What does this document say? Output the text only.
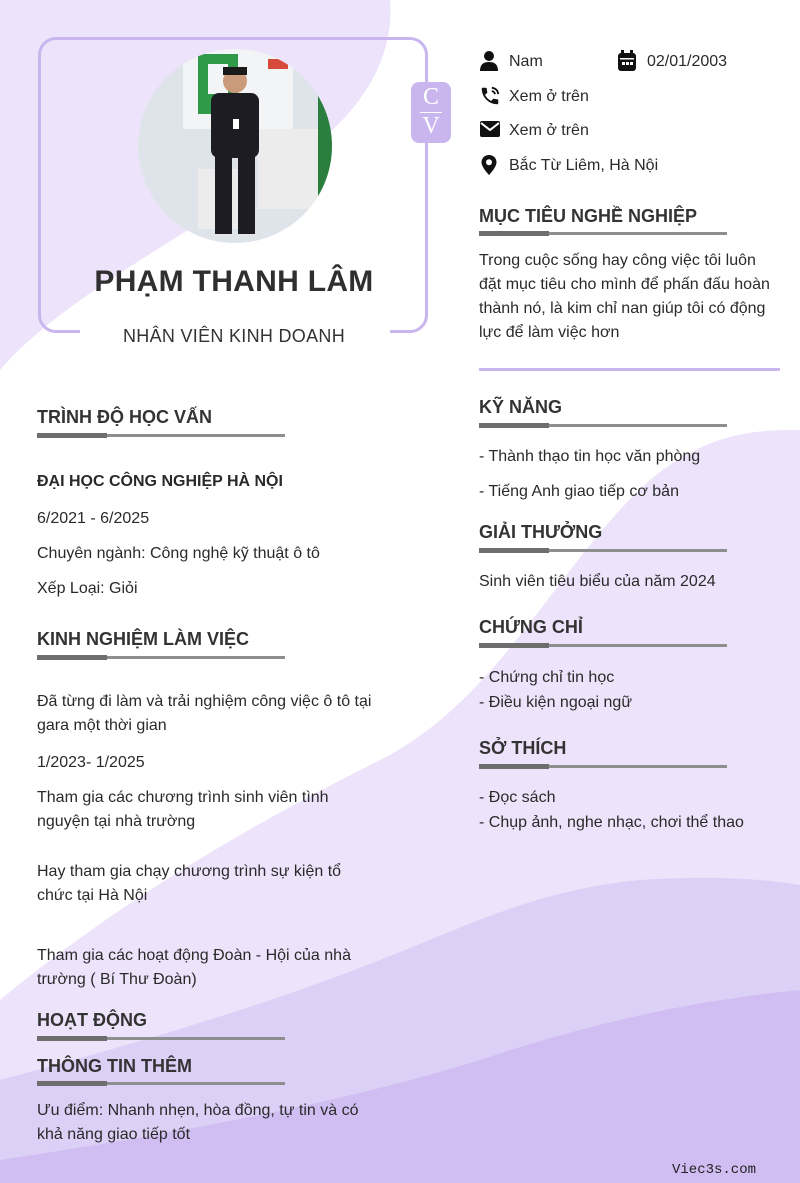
PHẠM THANH LÂM
NHÂN VIÊN KINH DOANH
C
V
Nam	02/01/2003
Xem ở trên
Xem ở trên
Bắc Từ Liêm, Hà Nội
TRÌNH ĐỘ HỌC VẤN
ĐẠI HỌC CÔNG NGHIỆP HÀ NỘI
6/2021 - 6/2025
Chuyên ngành: Công nghệ kỹ thuật ô tô
Xếp Loại: Giỏi
KINH NGHIỆM LÀM VIỆC
Đã từng đi làm và trải nghiệm công việc ô tô tại gara một thời gian
1/2023- 1/2025
Tham gia các chương trình sinh viên tình nguyện tại nhà trường
Hay tham gia chạy chương trình sự kiện tổ chức tại Hà Nội
Tham gia các hoạt động Đoàn - Hội của nhà trường ( Bí Thư Đoàn)
HOẠT ĐỘNG
THÔNG TIN THÊM
Ưu điểm: Nhanh nhẹn, hòa đồng, tự tin và có khả năng giao tiếp tốt
MỤC TIÊU NGHỀ NGHIỆP
Trong cuộc sống hay công việc tôi luôn đặt mục tiêu cho mình để phấn đấu hoàn thành nó, là kim chỉ nan giúp tôi có động lực để làm việc hơn
KỸ NĂNG
- Thành thạo tin học văn phòng
- Tiếng Anh giao tiếp cơ bản
GIẢI THƯỞNG
Sinh viên tiêu biểu của năm 2024
CHỨNG CHỈ
- Chứng chỉ tin học
- Điều kiện ngoại ngữ
SỞ THÍCH
- Đọc sách
- Chụp ảnh, nghe nhạc, chơi thể thao
Viec3s.com
